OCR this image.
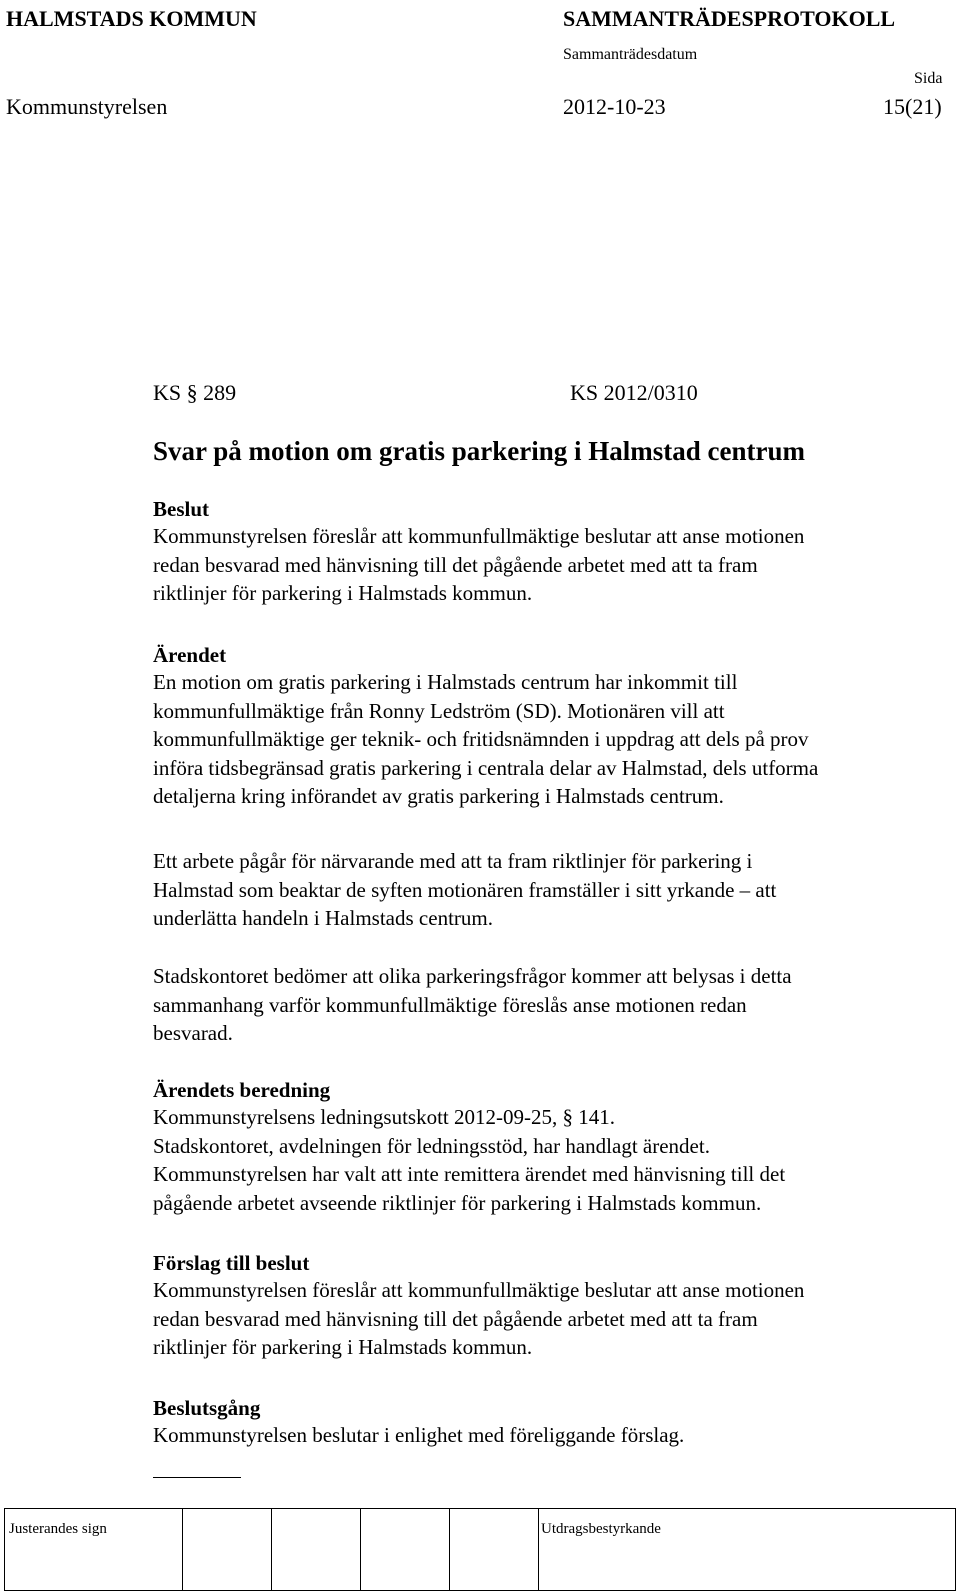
HALMSTADS KOMMUN	SAMMANTRÄDESPROTOKOLL
Sammanträdesdatum
Sida
Kommunstyrelsen	2012-10-23	15(21)
KS § 289	KS 2012/0310
Svar på motion om gratis parkering i Halmstad centrum
Beslut
Kommunstyrelsen föreslår att kommunfullmäktige beslutar att anse motionen
redan besvarad med hänvisning till det pågående arbetet med att ta fram
riktlinjer för parkering i Halmstads kommun.
Ärendet
En motion om gratis parkering i Halmstads centrum har inkommit till
kommunfullmäktige från Ronny Ledström (SD). Motionären vill att
kommunfullmäktige ger teknik- och fritidsnämnden i uppdrag att dels på prov
införa tidsbegränsad gratis parkering i centrala delar av Halmstad, dels utforma
detaljerna kring införandet av gratis parkering i Halmstads centrum.
Ett arbete pågår för närvarande med att ta fram riktlinjer för parkering i
Halmstad som beaktar de syften motionären framställer i sitt yrkande – att
underlätta handeln i Halmstads centrum.
Stadskontoret bedömer att olika parkeringsfrågor kommer att belysas i detta
sammanhang varför kommunfullmäktige föreslås anse motionen redan
besvarad.
Ärendets beredning
Kommunstyrelsens ledningsutskott 2012-09-25, § 141.
Stadskontoret, avdelningen för ledningsstöd, har handlagt ärendet.
Kommunstyrelsen har valt att inte remittera ärendet med hänvisning till det
pågående arbetet avseende riktlinjer för parkering i Halmstads kommun.
Förslag till beslut
Kommunstyrelsen föreslår att kommunfullmäktige beslutar att anse motionen
redan besvarad med hänvisning till det pågående arbetet med att ta fram
riktlinjer för parkering i Halmstads kommun.
Beslutsgång
Kommunstyrelsen beslutar i enlighet med föreliggande förslag.
Justerandes sign	Utdragsbestyrkande
